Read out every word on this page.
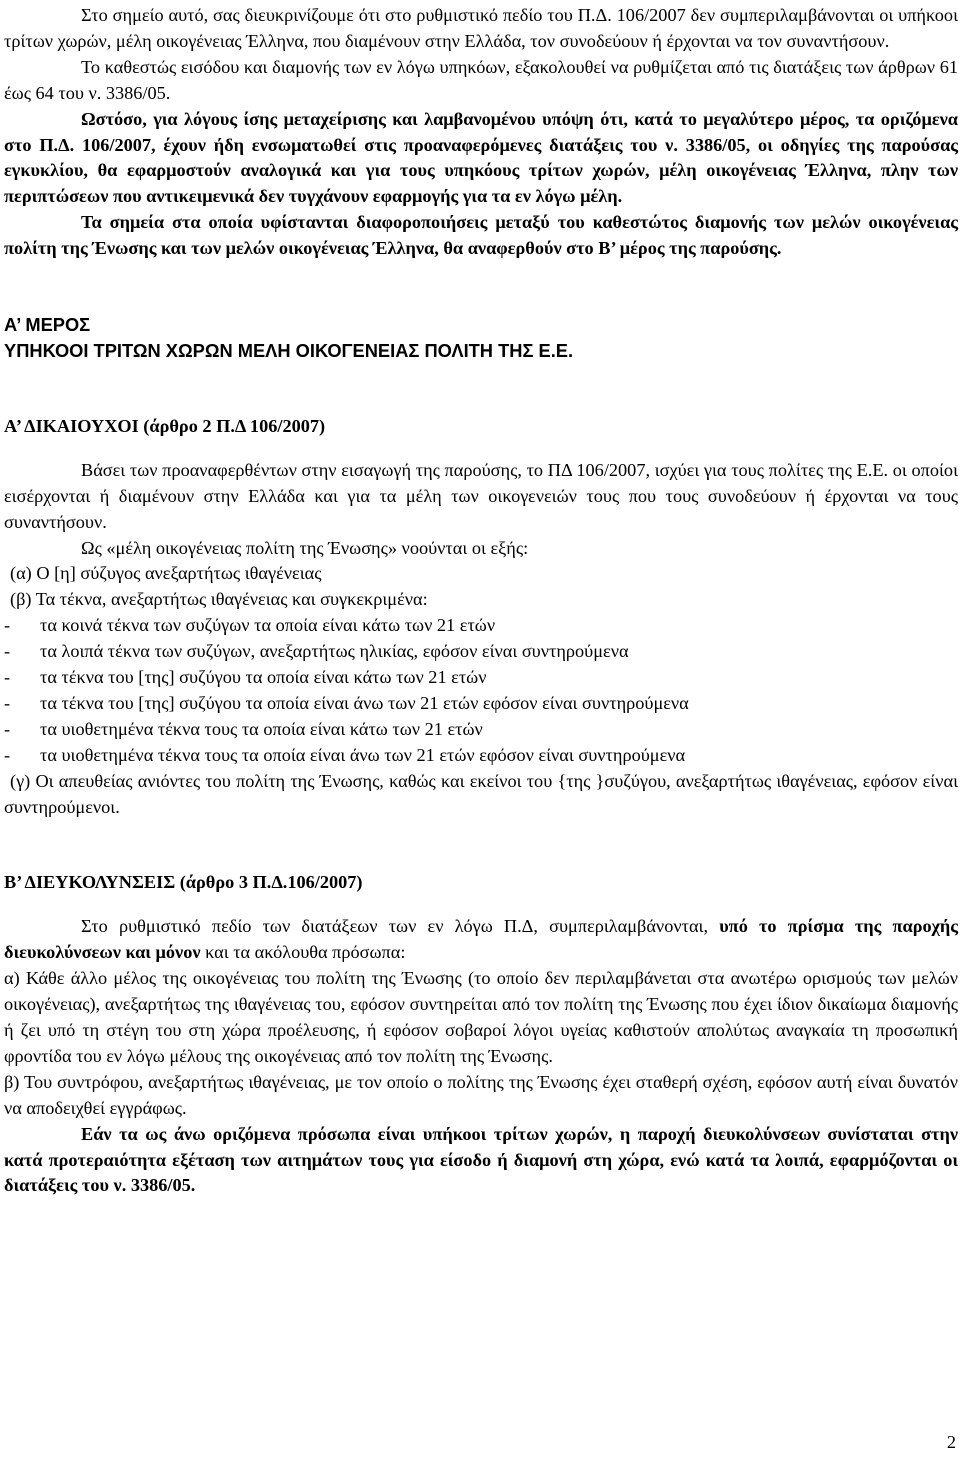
Στο σημείο αυτό, σας διευκρινίζουμε ότι στο ρυθμιστικό πεδίο του Π.Δ. 106/2007 δεν συμπεριλαμβάνονται οι υπήκοοι τρίτων χωρών, μέλη οικογένειας Έλληνα, που διαμένουν στην Ελλάδα, τον συνοδεύουν ή έρχονται να τον συναντήσουν.

Το καθεστώς εισόδου και διαμονής των εν λόγω υπηκόων, εξακολουθεί να ρυθμίζεται από τις διατάξεις των άρθρων 61 έως 64 του ν. 3386/05.

Ωστόσο, για λόγους ίσης μεταχείρισης και λαμβανομένου υπόψη ότι, κατά το μεγαλύτερο μέρος, τα οριζόμενα στο Π.Δ. 106/2007, έχουν ήδη ενσωματωθεί στις προαναφερόμενες διατάξεις του ν. 3386/05, οι οδηγίες της παρούσας εγκυκλίου, θα εφαρμοστούν αναλογικά και για τους υπηκόους τρίτων χωρών, μέλη οικογένειας Έλληνα, πλην των περιπτώσεων που αντικειμενικά δεν τυγχάνουν εφαρμογής για τα εν λόγω μέλη.

Τα σημεία στα οποία υφίστανται διαφοροποιήσεις μεταξύ του καθεστώτος διαμονής των μελών οικογένειας πολίτη της Ένωσης και των μελών οικογένειας Έλληνα, θα αναφερθούν στο Β’ μέρος της παρούσης.

Α’ ΜΕΡΟΣ

ΥΠΗΚΟΟΙ ΤΡΙΤΩΝ ΧΩΡΩΝ ΜΕΛΗ ΟΙΚΟΓΕΝΕΙΑΣ ΠΟΛΙΤΗ ΤΗΣ Ε.Ε.

Α’ ΔΙΚΑΙΟΥΧΟΙ (άρθρο 2 Π.Δ 106/2007)

Βάσει των προαναφερθέντων στην εισαγωγή της παρούσης, το ΠΔ 106/2007, ισχύει για τους πολίτες της Ε.Ε. οι οποίοι εισέρχονται ή διαμένουν στην Ελλάδα και για τα μέλη των οικογενειών τους που τους συνοδεύουν ή έρχονται να τους συναντήσουν.

Ως «μέλη οικογένειας πολίτη της Ένωσης» νοούνται οι εξής:

(α) Ο [η] σύζυγος ανεξαρτήτως ιθαγένειας

(β) Τα τέκνα, ανεξαρτήτως ιθαγένειας και συγκεκριμένα:

-	τα κοινά τέκνα των συζύγων τα οποία είναι κάτω των 21 ετών
-	τα λοιπά τέκνα των συζύγων, ανεξαρτήτως ηλικίας, εφόσον είναι συντηρούμενα
-	τα τέκνα του [της] συζύγου τα οποία είναι κάτω των 21 ετών
-	τα τέκνα του [της] συζύγου τα οποία είναι άνω των 21 ετών εφόσον είναι συντηρούμενα
-	τα υιοθετημένα τέκνα τους τα οποία είναι κάτω των 21 ετών
-	τα υιοθετημένα τέκνα τους τα οποία είναι άνω των 21 ετών εφόσον είναι συντηρούμενα

(γ) Οι απευθείας ανιόντες του πολίτη της Ένωσης, καθώς και εκείνοι του {της }συζύγου, ανεξαρτήτως ιθαγένειας, εφόσον είναι συντηρούμενοι.

Β’ ΔΙΕΥΚΟΛΥΝΣΕΙΣ (άρθρο 3 Π.Δ.106/2007)

Στο ρυθμιστικό πεδίο των διατάξεων των εν λόγω Π.Δ, συμπεριλαμβάνονται, υπό το πρίσμα της παροχής διευκολύνσεων και μόνον και τα ακόλουθα πρόσωπα:

α) Κάθε άλλο μέλος της οικογένειας του πολίτη της Ένωσης (το οποίο δεν περιλαμβάνεται στα ανωτέρω ορισμούς των μελών οικογένειας), ανεξαρτήτως της ιθαγένειας του, εφόσον συντηρείται από τον πολίτη της Ένωσης που έχει ίδιον δικαίωμα διαμονής ή ζει υπό τη στέγη του στη χώρα προέλευσης, ή εφόσον σοβαροί λόγοι υγείας καθιστούν απολύτως αναγκαία τη προσωπική φροντίδα του εν λόγω μέλους της οικογένειας από τον πολίτη της Ένωσης.

β) Του συντρόφου, ανεξαρτήτως ιθαγένειας, με τον οποίο ο πολίτης της Ένωσης έχει σταθερή σχέση, εφόσον αυτή είναι δυνατόν να αποδειχθεί εγγράφως.

Εάν τα ως άνω οριζόμενα πρόσωπα είναι υπήκοοι τρίτων χωρών, η παροχή διευκολύνσεων συνίσταται στην κατά προτεραιότητα εξέταση των αιτημάτων τους για είσοδο ή διαμονή στη χώρα, ενώ κατά τα λοιπά, εφαρμόζονται οι διατάξεις του ν. 3386/05.

2
